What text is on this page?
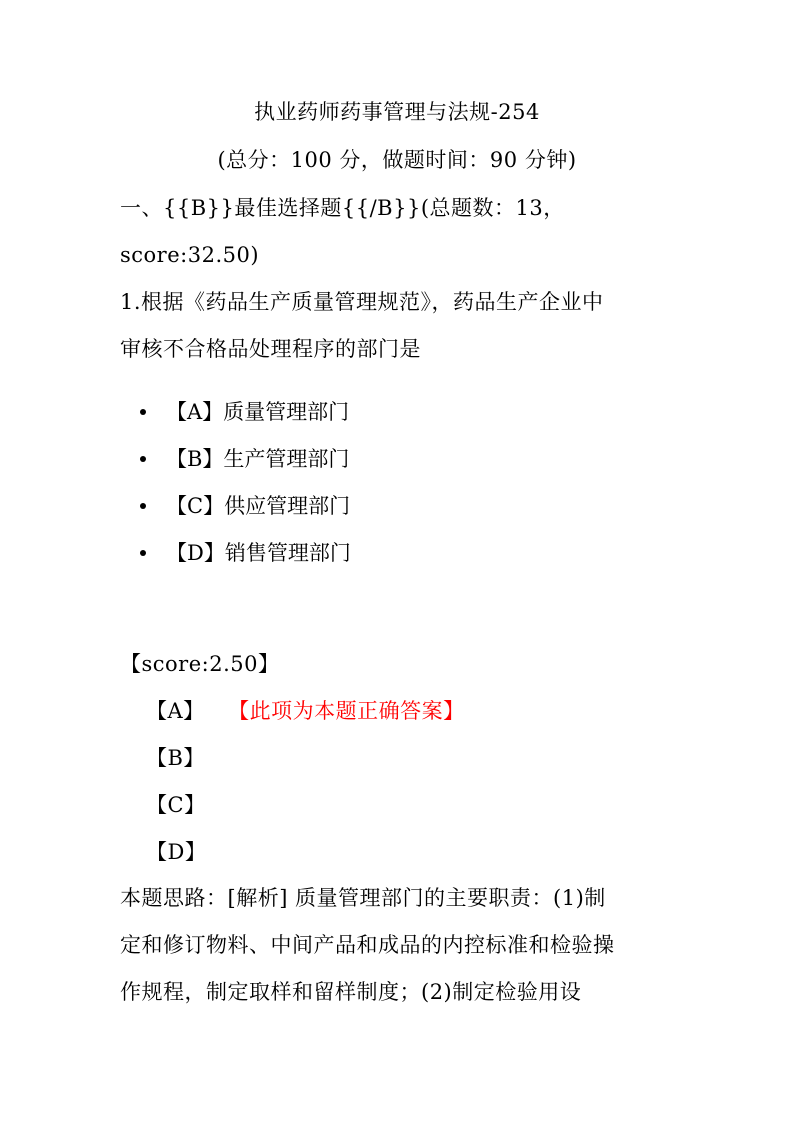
执业药师药事管理与法规-254
(总分：100 分，做题时间：90 分钟)
一、{{B}}最佳选择题{{/B}}(总题数：13，
score:32.50)
1.根据《药品生产质量管理规范》，药品生产企业中
审核不合格品处理程序的部门是
【A】质量管理部门
【B】生产管理部门
【C】供应管理部门
【D】销售管理部门
【score:2.50】
【A】 【此项为本题正确答案】
【B】
【C】
【D】
本题思路：[解析] 质量管理部门的主要职责：(1)制
定和修订物料、中间产品和成品的内控标准和检验操
作规程，制定取样和留样制度；(2)制定检验用设
